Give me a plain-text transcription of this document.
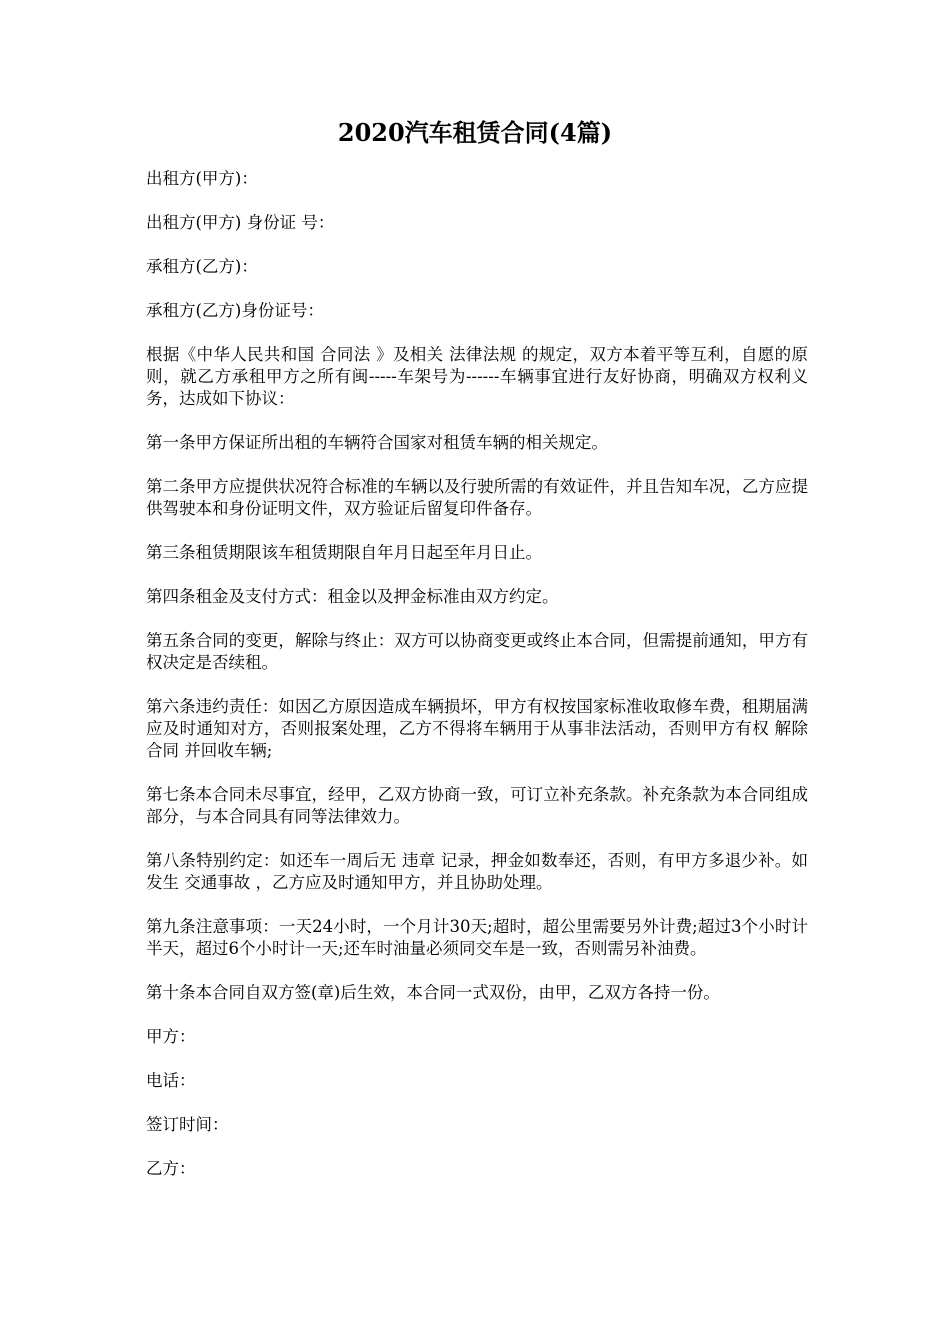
2020汽车租赁合同(4篇)

出租方(甲方)：

出租方(甲方) 身份证 号：

承租方(乙方)：

承租方(乙方)身份证号：

根据《中华人民共和国 合同法 》及相关 法律法规 的规定，双方本着平等互利，自愿的原则，就乙方承租甲方之所有闽-----车架号为------车辆事宜进行友好协商，明确双方权利义务，达成如下协议：

第一条甲方保证所出租的车辆符合国家对租赁车辆的相关规定。

第二条甲方应提供状况符合标准的车辆以及行驶所需的有效证件，并且告知车况，乙方应提供驾驶本和身份证明文件，双方验证后留复印件备存。

第三条租赁期限该车租赁期限自年月日起至年月日止。

第四条租金及支付方式：租金以及押金标准由双方约定。

第五条合同的变更，解除与终止：双方可以协商变更或终止本合同，但需提前通知，甲方有权决定是否续租。

第六条违约责任：如因乙方原因造成车辆损坏，甲方有权按国家标准收取修车费，租期届满应及时通知对方，否则报案处理，乙方不得将车辆用于从事非法活动，否则甲方有权 解除合同 并回收车辆;

第七条本合同未尽事宜，经甲，乙双方协商一致，可订立补充条款。补充条款为本合同组成部分，与本合同具有同等法律效力。

第八条特别约定：如还车一周后无 违章 记录，押金如数奉还，否则，有甲方多退少补。如发生 交通事故 ，乙方应及时通知甲方，并且协助处理。

第九条注意事项：一天24小时，一个月计30天;超时，超公里需要另外计费;超过3个小时计半天，超过6个小时计一天;还车时油量必须同交车是一致，否则需另补油费。

第十条本合同自双方签(章)后生效，本合同一式双份，由甲，乙双方各持一份。

甲方：

电话：

签订时间：

乙方：
